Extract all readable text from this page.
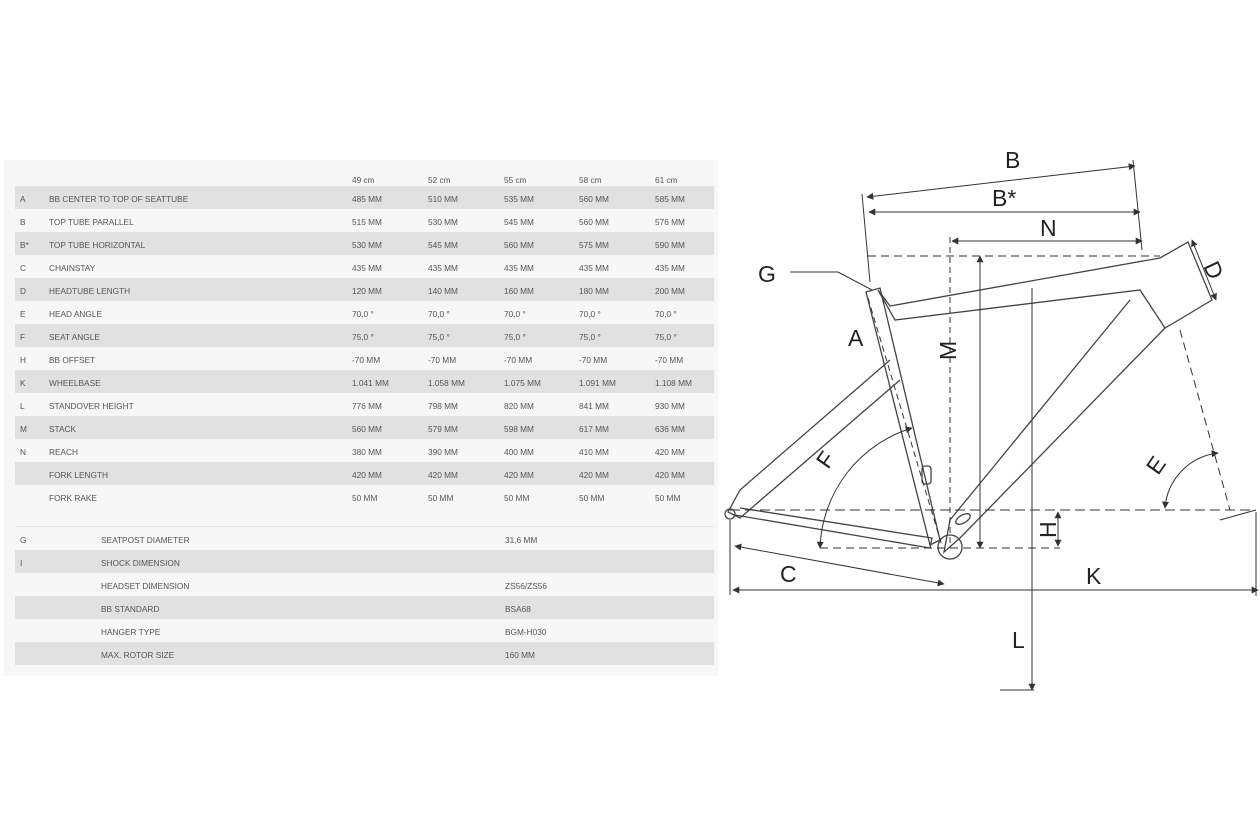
49 cm	52 cm	55 cm	58 cm	61 cm
A	BB CENTER TO TOP OF SEATTUBE	485 MM	510 MM	535 MM	560 MM	585 MM
B	TOP TUBE PARALLEL	515 MM	530 MM	545 MM	560 MM	576 MM
B* TOP TUBE HORIZONTAL	530 MM	545 MM	560 MM	575 MM	590 MM
C	CHAINSTAY	435 MM	435 MM	435 MM	435 MM	435 MM
D	HEADTUBE LENGTH	120 MM	140 MM	160 MM	180 MM	200 MM
E	HEAD ANGLE	70,0 °	70,0 °	70,0 °	70,0 °	70,0 °
F	SEAT ANGLE	75,0 °	75,0 °	75,0 °	75,0 °	75,0 °
H	BB OFFSET	-70 MM	-70 MM	-70 MM	-70 MM	-70 MM
K	WHEELBASE	1.041 MM	1.058 MM	1.075 MM	1.091 MM	1.108 MM
L	STANDOVER HEIGHT	776 MM	798 MM	820 MM	841 MM	930 MM
M	STACK	560 MM	579 MM	598 MM	617 MM	636 MM
N	REACH	380 MM	390 MM	400 MM	410 MM	420 MM
FORK LENGTH	420 MM	420 MM	420 MM	420 MM	420 MM
FORK RAKE	50 MM	50 MM	50 MM	50 MM	50 MM
G	SEATPOST DIAMETER	31,6 MM
I	SHOCK DIMENSION
HEADSET DIMENSION	ZS56/ZS56
BB STANDARD	BSA68
HANGER TYPE	BGM-H030
MAX. ROTOR SIZE	160 MM
B
B*
N
G
A
D
M
F	E
H
C	K
L
